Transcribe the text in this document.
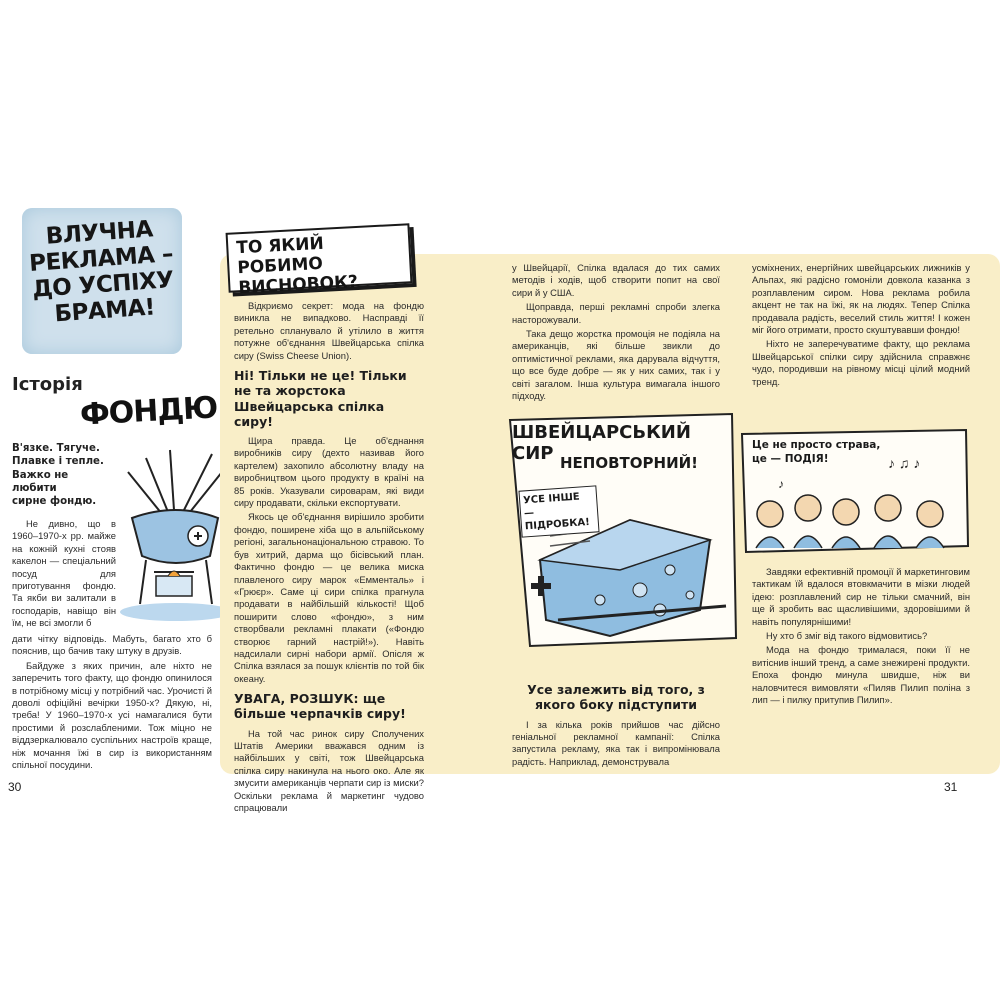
ВЛУЧНА РЕКЛАМА – ДО УСПІХУ БРАМА!
Історія
ФОНДЮ
В'язке. Тягуче.
Плавке і тепле.
Важко не любити
сирне фондю.

Не дивно, що в 1960–1970-х рр. майже на кожній кухні стояв какелон — спеціальний посуд для приготування фондю. Та якби ви залитали в господарів, навіщо він їм, не всі змогли б

дати чітку відповідь. Мабуть, багато хто б пояснив, що бачив таку штуку в друзів.

Байдуже з яких причин, але ніхто не заперечить того факту, що фондю опинилося в потрібному місці у потрібний час. Урочисті й доволі офіційні вечірки 1950-х? Дякую, ні, треба! У 1960–1970-х усі намагалися бути простими й розслабленими. Тож міцно не віддзеркалювало суспільних настроїв краще, ніж мочання їжі в сир із використанням спільної посудини.

30
ТО ЯКИЙ РОБИМО ВИСНОВОК?

Відкриємо секрет: мода на фондю виникла не випадково. Насправді її ретельно спланувало й утілило в життя потужне об'єднання Швейцарська спілка сиру (Swiss Cheese Union).

Ні! Тільки не це! Тільки не та жорстока Швейцарська спілка сиру!

Щира правда. Це об'єднання виробників сиру (дехто називав його картелем) захопило абсолютну владу на виробництвом цього продукту в країні на 85 років. Указували сироварам, які види сиру продавати, скільки експортувати.

Якось це об'єднання вирішило зробити фондю, поширене хіба що в альпійському регіоні, загальнонаціональною стравою. То був хитрий, дарма що бісівський план. Фактично фондю — це велика миска плавленого сиру марок «Емменталь» і «Грюєр». Саме ці сири спілка прагнула продавати в найбільшій кількості! Щоб поширити слово «фондю», з ним створбвали рекламні плакати («Фондю створює гарний настрій!»). Навіть надсилали сирні набори армії. Опісля ж Спілка взялася за пошук клієнтів по той бік океану.

УВАГА, РОЗШУК: ще більше черпачків сиру!

На той час ринок сиру Сполучених Штатів Америки вважався одним із найбільших у світі, тож Швейцарська спілка сиру накинула на нього око. Але як змусити американців черпати сир із миски? Оскільки реклама й маркетинг чудово спрацювали

у Швейцарії, Спілка вдалася до тих самих методів і ходів, щоб створити попит на свої сири й у США.

Щоправда, перші рекламні спроби злегка насторожували.

Така дещо жорстка промоція не подіяла на американців, які більше звикли до оптимістичної реклами, яка дарувала відчуття, що все буде добре — як у них самих, так і у світі загалом. Інша культура вимагала іншого підходу.

Усе залежить від того, з якого боку підступити

І за кілька років прийшов час дійсно геніальної рекламної кампанії: Спілка запустила рекламу, яка так і випромінювала радість. Наприклад, демонструвала

усміхнених, енергійних швейцарських лижників у Альпах, які радісно гомоніли довкола казанка з розплавленим сиром. Нова реклама робила акцент не так на їжі, як на людях. Тепер Спілка продавала радість, веселий стиль життя! І кожен міг його отримати, просто скуштувавши фондю!

Ніхто не заперечуватиме факту, що реклама Швейцарської спілки сиру здійснила справжнє чудо, породивши на рівному місці цілий модний тренд.

Завдяки ефективній промоції й маркетинговим тактикам їй вдалося втовкмачити в мізки людей ідею: розплавлений сир не тільки смачний, він ще й зробить вас щасливішими, здоровішими й навіть популярнішими!

Ну хто б зміг від такого відмовитись?

Мода на фондю трималася, поки її не витіснив інший тренд, а саме знежирені продукти. Епоха фондю минула швидше, ніж ви наловчитеся вимовляти «Пиляв Пилип поліна з лип — і пилку притупив Пилип».

ШВЕЙЦАРСЬКИЙ СИР НЕПОВТОРНИЙ!
УСЕ ІНШЕ — ПІДРОБКА!
♪ ♫ ♪
♪
Це не просто страва, це — ПОДІЯ!
31
